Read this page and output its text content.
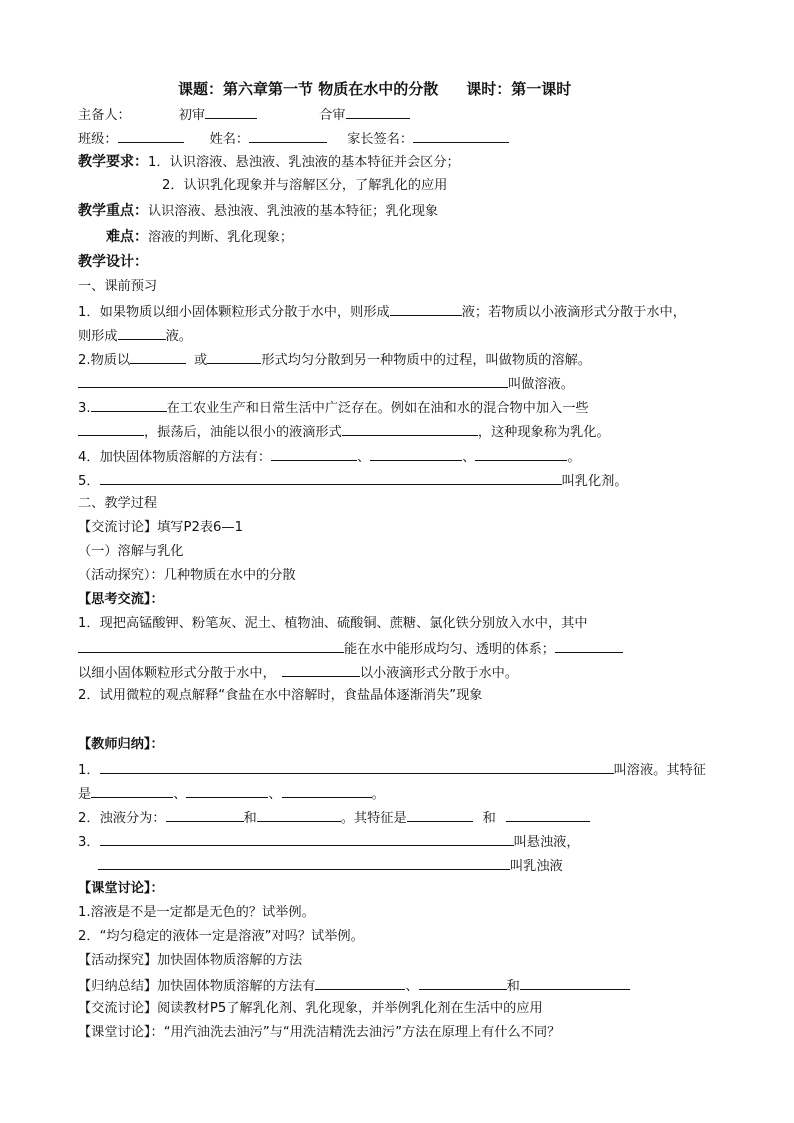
课题：第六章第一节 物质在水中的分散 课时：第一课时
主备人：	初审	合审
班级：	姓名：	家长签名：
教学要求：1．认识溶液、悬浊液、乳浊液的基本特征并会区分；
2．认识乳化现象并与溶解区分，了解乳化的应用
教学重点：认识溶液、悬浊液、乳浊液的基本特征；乳化现象
难点：溶液的判断、乳化现象；
教学设计：
一、课前预习
1．如果物质以细小固体颗粒形式分散于水中，则形成	液；若物质以小液滴形式分散于水中，
则形成	液。
2.物质以	或	形式均匀分散到另一种物质中的过程，叫做物质的溶解。
叫做溶液。
3.	在工农业生产和日常生活中广泛存在。例如在油和水的混合物中加入一些
，振荡后，油能以很小的液滴形式	，这种现象称为乳化。
4．加快固体物质溶解的方法有：	、	、	。
5．	叫乳化剂。
二、教学过程
【交流讨论】填写P2表6—1
（一）溶解与乳化
（活动探究）：几种物质在水中的分散
【思考交流】：
1．现把高锰酸钾、粉笔灰、泥土、植物油、硫酸铜、蔗糖、氯化铁分别放入水中，其中
能在水中能形成均匀、透明的体系；
以细小固体颗粒形式分散于水中，	以小液滴形式分散于水中。
2．试用微粒的观点解释“食盐在水中溶解时，食盐晶体逐渐消失”现象
【教师归纳】：
1．	叫溶液。其特征
是	、	、	。
2．浊液分为：	和	。其特征是	和
3．	叫悬浊液，
叫乳浊液
【课堂讨论】：
1.溶液是不是一定都是无色的？试举例。
2．“均匀稳定的液体一定是溶液”对吗？试举例。
【活动探究】加快固体物质溶解的方法
【归纳总结】加快固体物质溶解的方法有	、	和
【交流讨论】阅读教材P5了解乳化剂、乳化现象，并举例乳化剂在生活中的应用
【课堂讨论】：“用汽油洗去油污”与“用洗洁精洗去油污”方法在原理上有什么不同？
